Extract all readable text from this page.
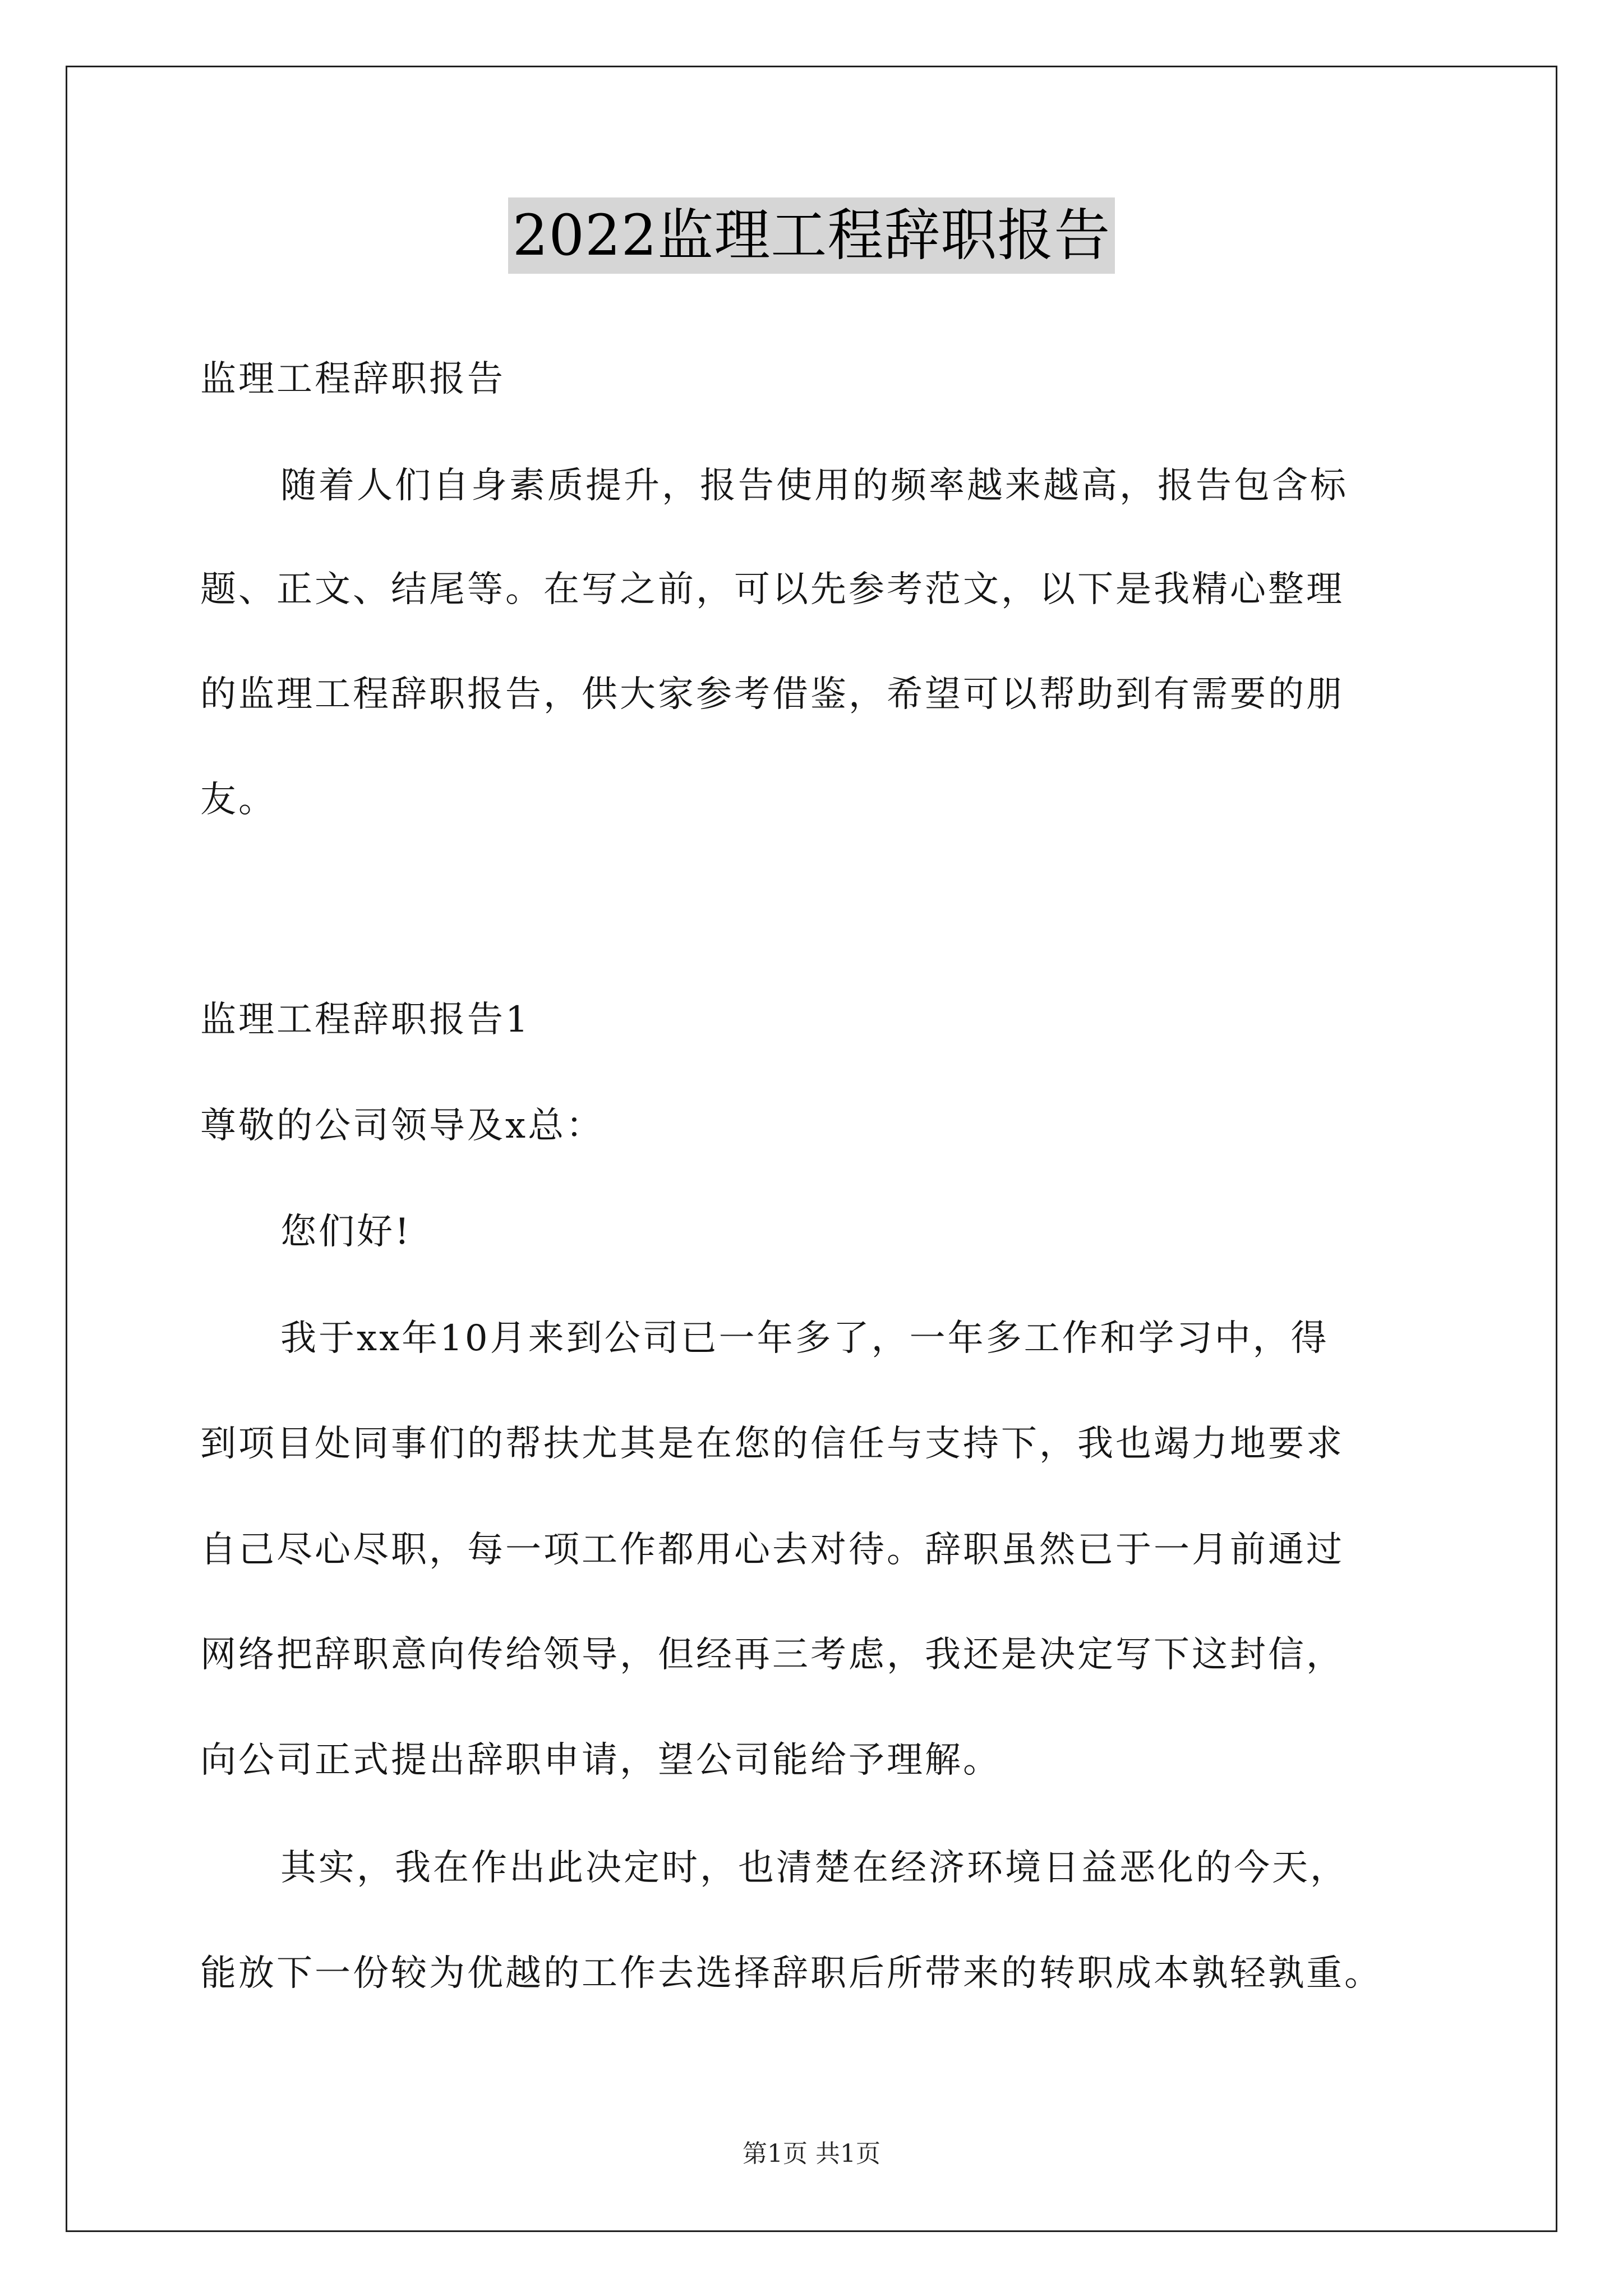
2022监理工程辞职报告
监理工程辞职报告
随着人们自身素质提升，报告使用的频率越来越高，报告包含标
题、正文、结尾等。在写之前，可以先参考范文，以下是我精心整理
的监理工程辞职报告，供大家参考借鉴，希望可以帮助到有需要的朋
友。
监理工程辞职报告1
尊敬的公司领导及x总：
您们好!
我于xx年10月来到公司已一年多了，一年多工作和学习中，得
到项目处同事们的帮扶尤其是在您的信任与支持下，我也竭力地要求
自己尽心尽职，每一项工作都用心去对待。辞职虽然已于一月前通过
网络把辞职意向传给领导，但经再三考虑，我还是决定写下这封信，
向公司正式提出辞职申请，望公司能给予理解。
其实，我在作出此决定时，也清楚在经济环境日益恶化的今天，
能放下一份较为优越的工作去选择辞职后所带来的转职成本孰轻孰重。
第1页 共1页
